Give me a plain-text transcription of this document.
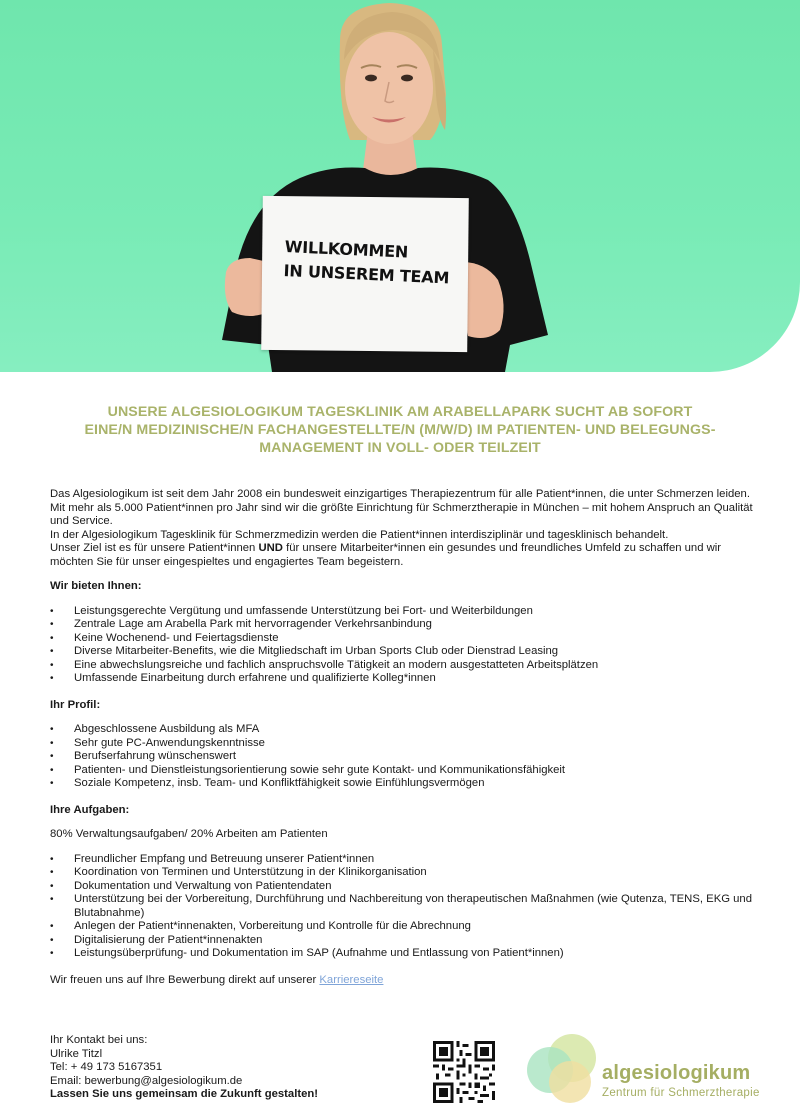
WILLKOMMEN
IN UNSEREM TEAM
UNSERE ALGESIOLOGIKUM TAGESKLINIK AM ARABELLAPARK SUCHT AB SOFORT
EINE/N MEDIZINISCHE/N FACHANGESTELLTE/N (M/W/D) IM PATIENTEN- UND BELEGUNGS-
MANAGEMENT IN VOLL- ODER TEILZEIT

Das Algesiologikum ist seit dem Jahr 2008 ein bundesweit einzigartiges Therapiezentrum für alle Patient*innen, die unter Schmerzen leiden. Mit mehr als 5.000 Patient*innen pro Jahr sind wir die größte Einrichtung für Schmerztherapie in München – mit hohem Anspruch an Qualität und Service.

In der Algesiologikum Tagesklinik für Schmerzmedizin werden die Patient*innen interdisziplinär und tagesklinisch behandelt.

Unser Ziel ist es für unsere Patient*innen UND für unsere Mitarbeiter*innen ein gesundes und freundliches Umfeld zu schaffen und wir möchten Sie für unser eingespieltes und engagiertes Team begeistern.

Wir bieten Ihnen:

• Leistungsgerechte Vergütung und umfassende Unterstützung bei Fort- und Weiterbildungen
• Zentrale Lage am Arabella Park mit hervorragender Verkehrsanbindung
• Keine Wochenend- und Feiertagsdienste
• Diverse Mitarbeiter-Benefits, wie die Mitgliedschaft im Urban Sports Club oder Dienstrad Leasing
• Eine abwechslungsreiche und fachlich anspruchsvolle Tätigkeit an modern ausgestatteten Arbeitsplätzen
• Umfassende Einarbeitung durch erfahrene und qualifizierte Kolleg*innen

Ihr Profil:

• Abgeschlossene Ausbildung als MFA
• Sehr gute PC-Anwendungskenntnisse
• Berufserfahrung wünschenswert
• Patienten- und Dienstleistungsorientierung sowie sehr gute Kontakt- und Kommunikationsfähigkeit
• Soziale Kompetenz, insb. Team- und Konfliktfähigkeit sowie Einfühlungsvermögen

Ihre Aufgaben:

80% Verwaltungsaufgaben/ 20% Arbeiten am Patienten

• Freundlicher Empfang und Betreuung unserer Patient*innen
• Koordination von Terminen und Unterstützung in der Klinikorganisation
• Dokumentation und Verwaltung von Patientendaten
• Unterstützung bei der Vorbereitung, Durchführung und Nachbereitung von therapeutischen Maßnahmen (wie Qutenza, TENS, EKG und Blutabnahme)
• Anlegen der Patient*innenakten, Vorbereitung und Kontrolle für die Abrechnung
• Digitalisierung der Patient*innenakten
• Leistungsüberprüfung- und Dokumentation im SAP (Aufnahme und Entlassung von Patient*innen)

Wir freuen uns auf Ihre Bewerbung direkt auf unserer Karriereseite

Ihr Kontakt bei uns:
Ulrike Titzl
Tel: + 49 173 5167351
Email: bewerbung@algesiologikum.de
Lassen Sie uns gemeinsam die Zukunft gestalten!
algesiologikum
Zentrum für Schmerztherapie
